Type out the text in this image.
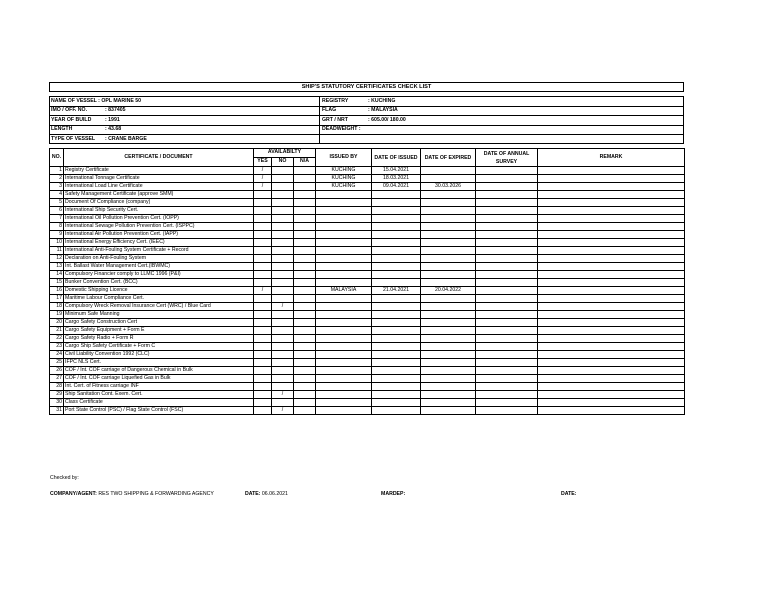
SHIP'S STATUTORY CERTIFICATES CHECK LIST
NAME OF VESSEL : OPL MARINE 50	REGISTRY	: KUCHING
IMO / OFF. NO.	: 837405	FLAG	: MALAYSIA
YEAR OF BUILD	: 1991	GRT / NRT	: 605.00/ 180.00
LENGTH	: 43.68	DEADWEIGHT :
TYPE OF VESSEL : CRANE BARGE
NO.	CERTIFICATE / DOCUMENT	AVAILABILTY			ISSUED BY	DATE OF ISSUED	DATE OF EXPIRED	DATE OF ANNUAL SURVEY	REMARK
		YES	NO	N/A					
1	Registry Certificate	/			KUCHING	15.04.2021			
2	International Tonnage Certificate	/			KUCHING	18.03.2021			
3	International Load Line Certificate	/			KUCHING	09.04.2021	30.03.2026		
4	Safety Management Certificate (approve SMM)								
5	Document Of Compliance (company)								
6	International Ship Security Cert.								
7	International Oil Pollution Prevention Cert. (IOPP)								
8	International Sewage Pollution Prevention Cert. (ISPPC)								
9	International Air Pollution Prevention Cert. (IAPP)								
10	International Energy Efficiency Cert. (IEEC)								
11	International Anti-Fouling System Certificate + Record								
12	Declaration on Anti-Fouling System								
13	Int. Ballast Water Management Cert.(IBWMC)								
14	Compulsory Financier comply to LLMC 1996 (P&I)								
15	Bunker Convention Cert. (BCC)								
16	Domestic Shipping Licence	/			MALAYSIA	21.04.2021	20.04.2022		
17	Maritime Labour Compliance Cert.								
18	Compulsory Wreck Removal Insurance Cert (WRC) / Blue Card		/						
19	Minimum Safe Manning								
20	Cargo Safety Construction Cert								
21	Cargo Safety Equipment + Form E								
22	Cargo Safety Radio + Form R								
23	Cargo Ship Safety Certificate + Form C								
24	Civil Liability Convention 1992 (CLC)								
25	IFPC NLS Cert.								
26	COF / Int. COF carriage of Dangerous Chemical in Bulk								
27	COF / Int. COF carriage Liquefied Gas in Bulk								
28	Int. Cert. of Fitness carriage INF								
29	Ship Sanitation Cont. Exem. Cert.		/						
30	Class Certificate								
31	Port State Control (PSC) / Flag State Control (FSC)		/						
Checked by:
COMPANY/AGENT: RES TWO SHIPPING & FORWARDING AGENCY	DATE: 06.06.2021	MARDEP:	DATE:
